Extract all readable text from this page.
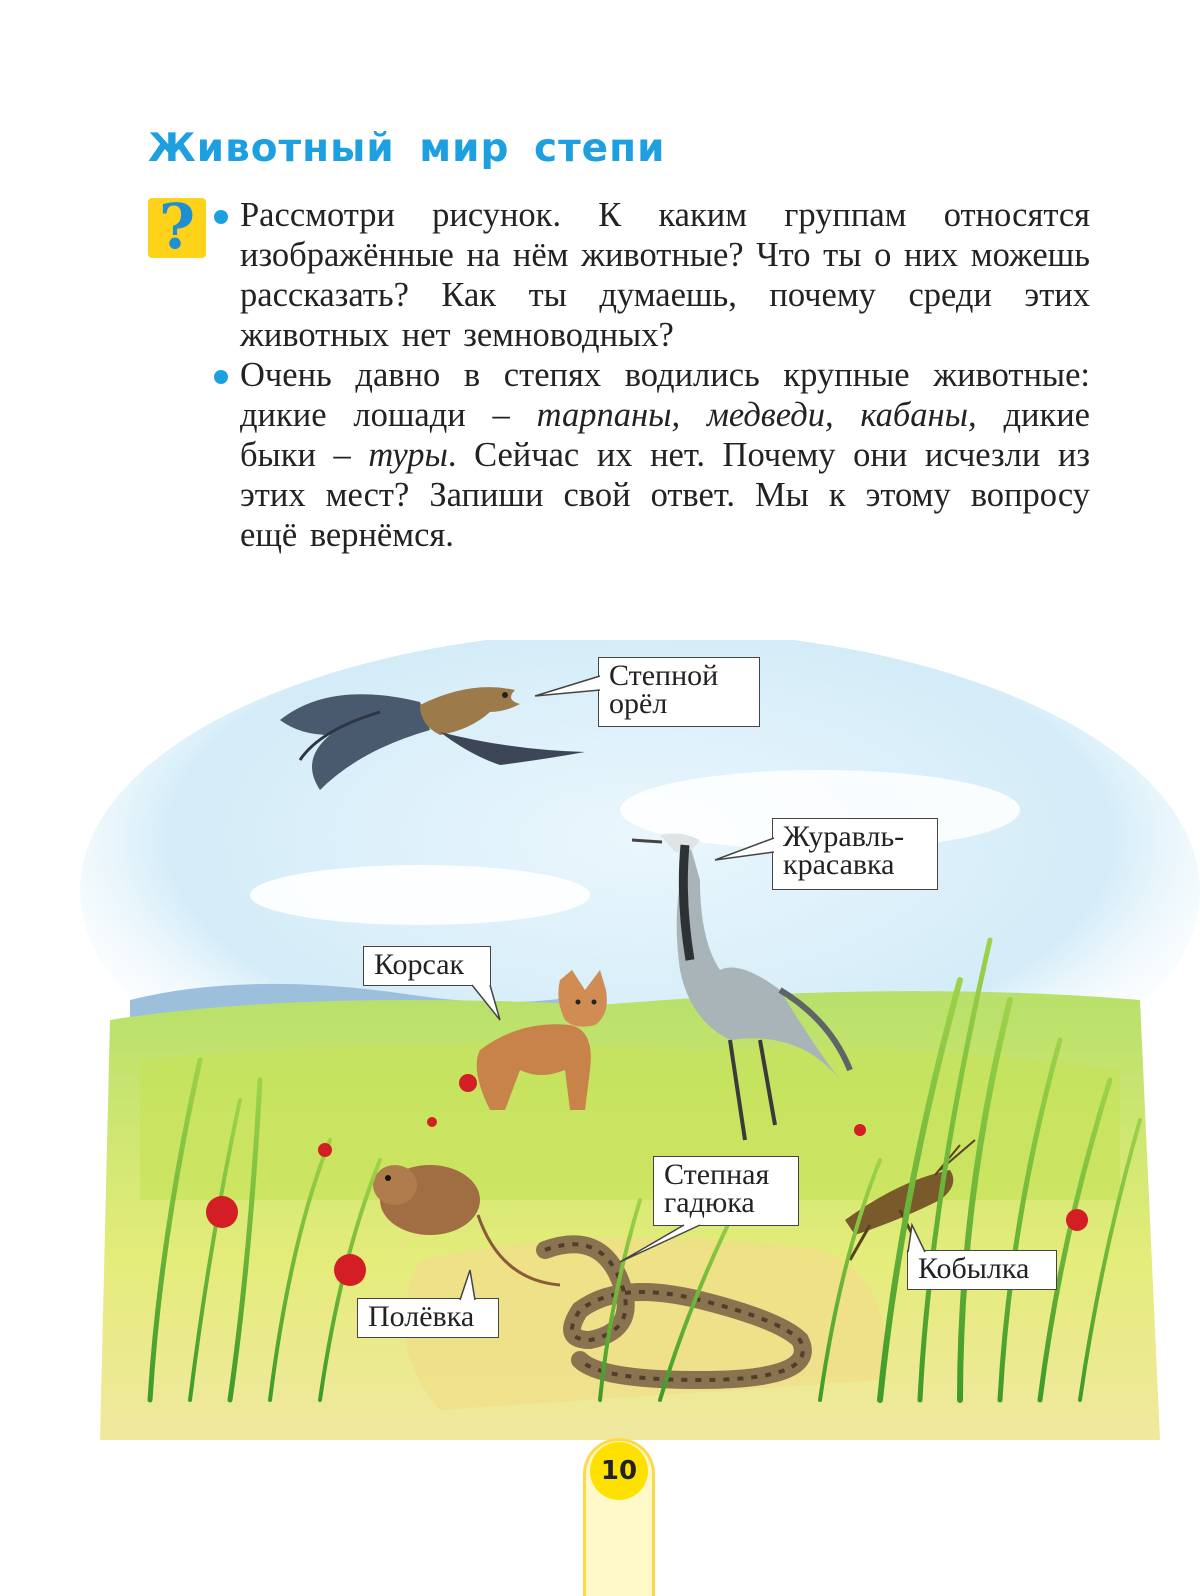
Животный мир степи
?	Рассмотри рисунок. К каким группам относятся изображённые на нём животные? Что ты о них можешь рассказать? Как ты думаешь, почему среди этих животных нет земноводных?

Очень давно в степях водились крупные животные: дикие лошади – тарпаны, медведи, кабаны, дикие быки – туры. Сейчас их нет. Почему они исчезли из этих мест? Запиши свой ответ. Мы к этому вопросу ещё вернёмся.

Степной
орёл
Журавль-
красавка
Корсак
Степная
гадюка
Кобылка
Полёвка
10
